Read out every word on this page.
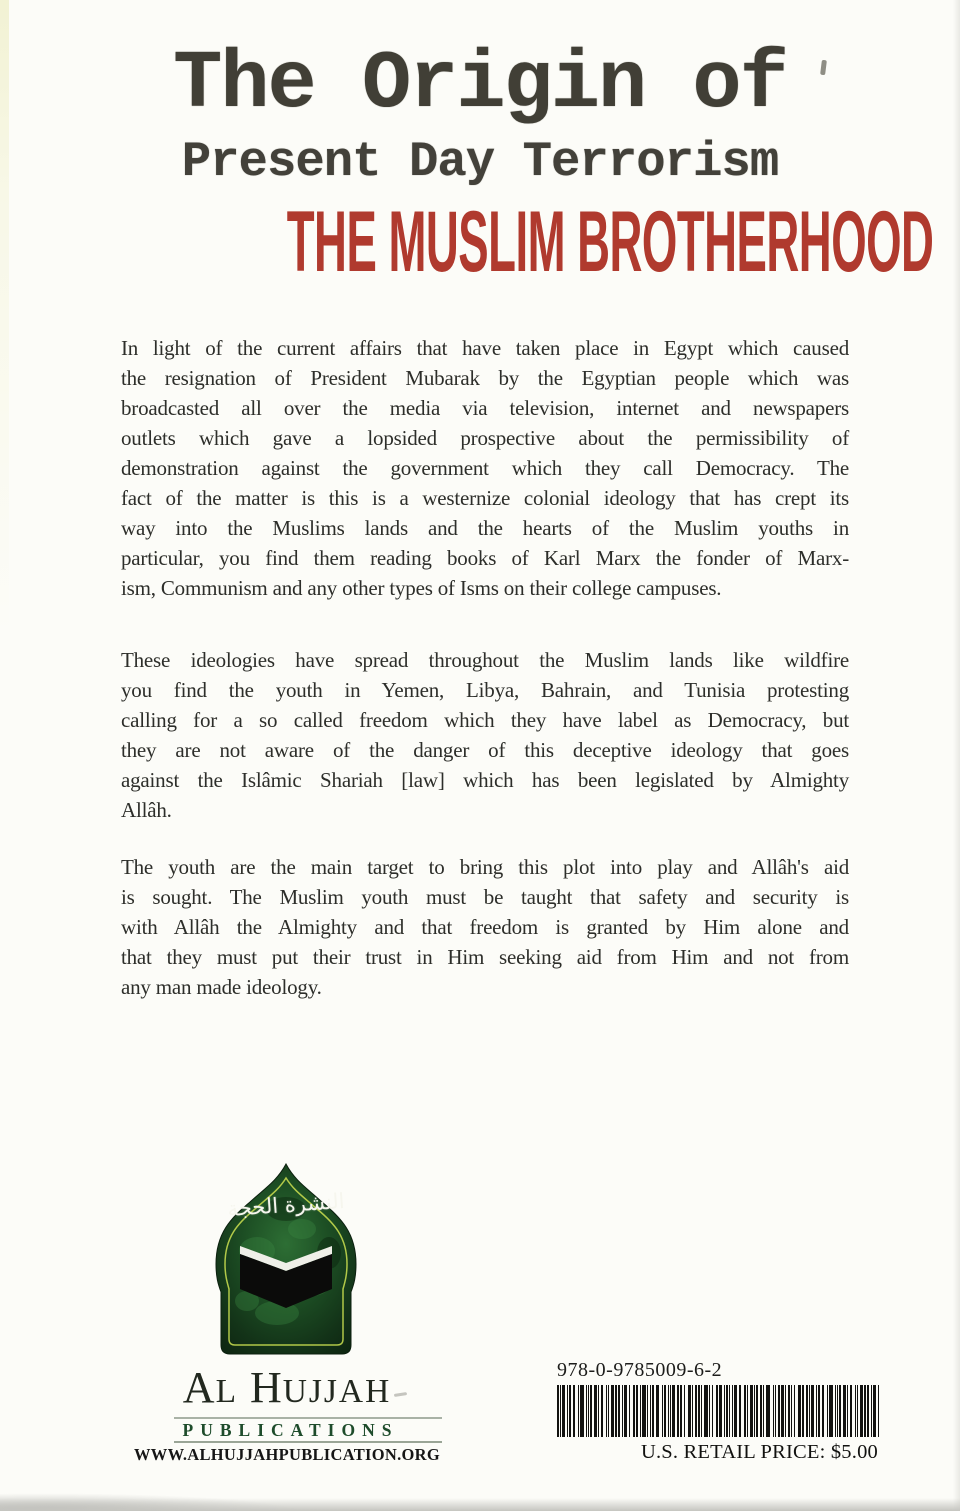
The Origin of
Present Day Terrorism
THE MUSLIM BROTHERHOOD
In light of the current affairs that have taken place in Egypt which caused
the resignation of President Mubarak by the Egyptian people which was
broadcasted all over the media via television, internet and newspapers
outlets which gave a lopsided prospective about the permissibility of
demonstration against the government which they call Democracy. The
fact of the matter is this is a westernize colonial ideology that has crept its
way into the Muslims lands and the hearts of the Muslim youths in
particular, you find them reading books of Karl Marx the fonder of Marx-
ism, Communism and any other types of Isms on their college campuses.
These ideologies have spread throughout the Muslim lands like wildfire
you find the youth in Yemen, Libya, Bahrain, and Tunisia protesting
calling for a so called freedom which they have label as Democracy, but
they are not aware of the danger of this deceptive ideology that goes
against the Islâmic Shariah [law] which has been legislated by Almighty
Allâh.
The youth are the main target to bring this plot into play and Allâh's aid
is sought. The Muslim youth must be taught that safety and security is
with Allâh the Almighty and that freedom is granted by Him alone and
that they must put their trust in Him seeking aid from Him and not from
any man made ideology.
النشرة الحجة
AL HUJJAH
PUBLICATIONS
WWW.ALHUJJAHPUBLICATION.ORG
978-0-9785009-6-2
U.S. RETAIL PRICE: $5.00
